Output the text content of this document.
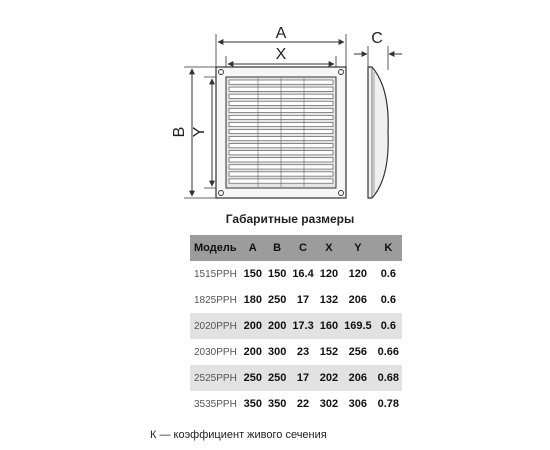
A
X
C
B Y
Габаритные размеры
Модель	A	B	C	X	Y	K
1515PPH	150	150	16.4	120	120	0.6
1825PPH	180	250	17	132	206	0.6
2020PPH	200	200	17.3	160	169.5	0.6
2030PPH	200	300	23	152	256	0.66
2525PPH	250	250	17	202	206	0.68
3535PPH	350	350	22	302	306	0.78
К — коэффициент живого сечения
